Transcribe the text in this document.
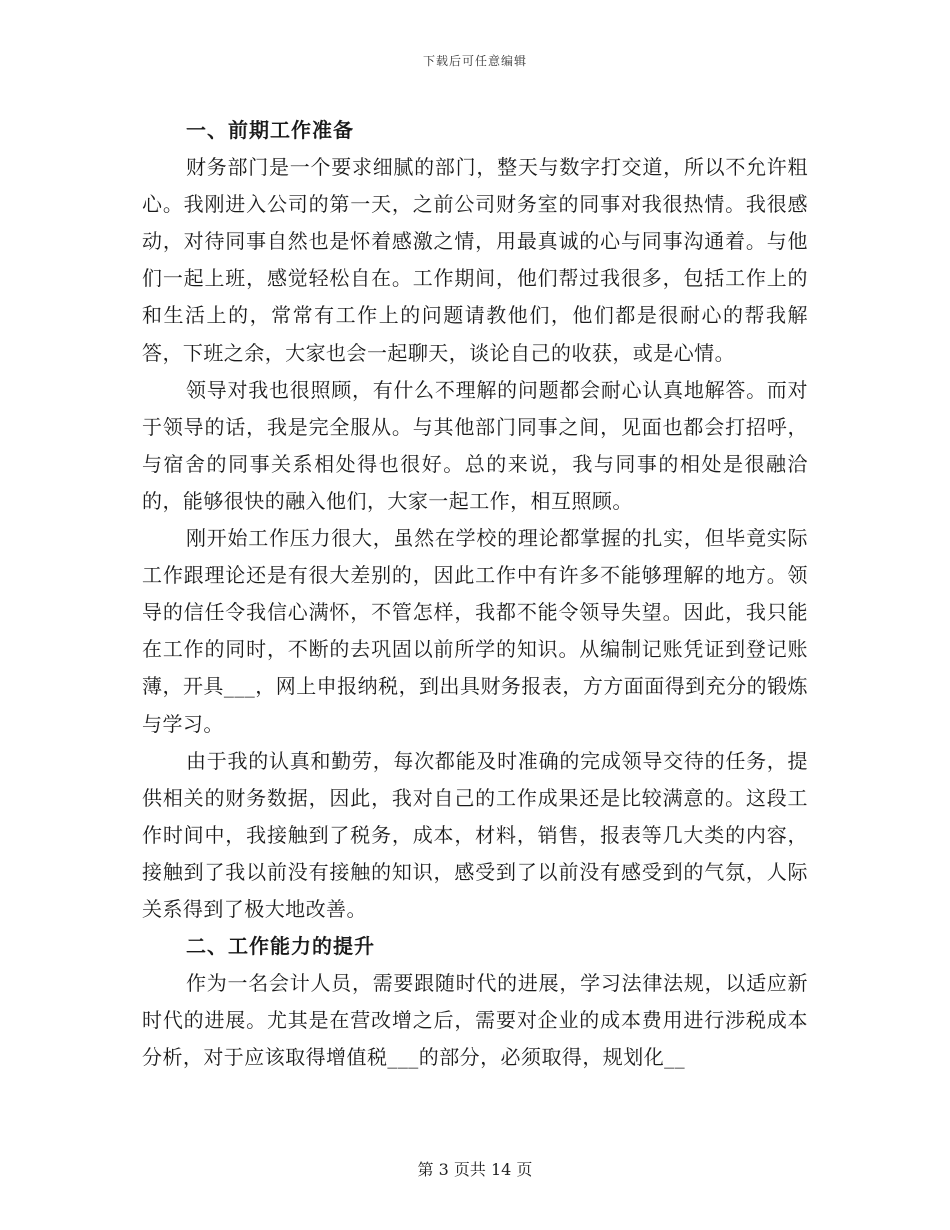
下载后可任意编辑
一、前期工作准备

财务部门是一个要求细腻的部门，整天与数字打交道，所以不允许粗心。我刚进入公司的第一天，之前公司财务室的同事对我很热情。我很感动，对待同事自然也是怀着感激之情，用最真诚的心与同事沟通着。与他们一起上班，感觉轻松自在。工作期间，他们帮过我很多，包括工作上的和生活上的，常常有工作上的问题请教他们，他们都是很耐心的帮我解答，下班之余，大家也会一起聊天，谈论自己的收获，或是心情。

领导对我也很照顾，有什么不理解的问题都会耐心认真地解答。而对于领导的话，我是完全服从。与其他部门同事之间，见面也都会打招呼，与宿舍的同事关系相处得也很好。总的来说，我与同事的相处是很融洽的，能够很快的融入他们，大家一起工作，相互照顾。

刚开始工作压力很大，虽然在学校的理论都掌握的扎实，但毕竟实际工作跟理论还是有很大差别的，因此工作中有许多不能够理解的地方。领导的信任令我信心满怀，不管怎样，我都不能令领导失望。因此，我只能在工作的同时，不断的去巩固以前所学的知识。从编制记账凭证到登记账薄，开具___，网上申报纳税，到出具财务报表，方方面面得到充分的锻炼与学习。

由于我的认真和勤劳，每次都能及时准确的完成领导交待的任务，提供相关的财务数据，因此，我对自己的工作成果还是比较满意的。这段工作时间中，我接触到了税务，成本，材料，销售，报表等几大类的内容，接触到了我以前没有接触的知识，感受到了以前没有感受到的气氛，人际关系得到了极大地改善。

二、工作能力的提升

作为一名会计人员，需要跟随时代的进展，学习法律法规，以适应新时代的进展。尤其是在营改增之后，需要对企业的成本费用进行涉税成本分析，对于应该取得增值税___的部分，必须取得，规划化__

第 3 页共 14 页
